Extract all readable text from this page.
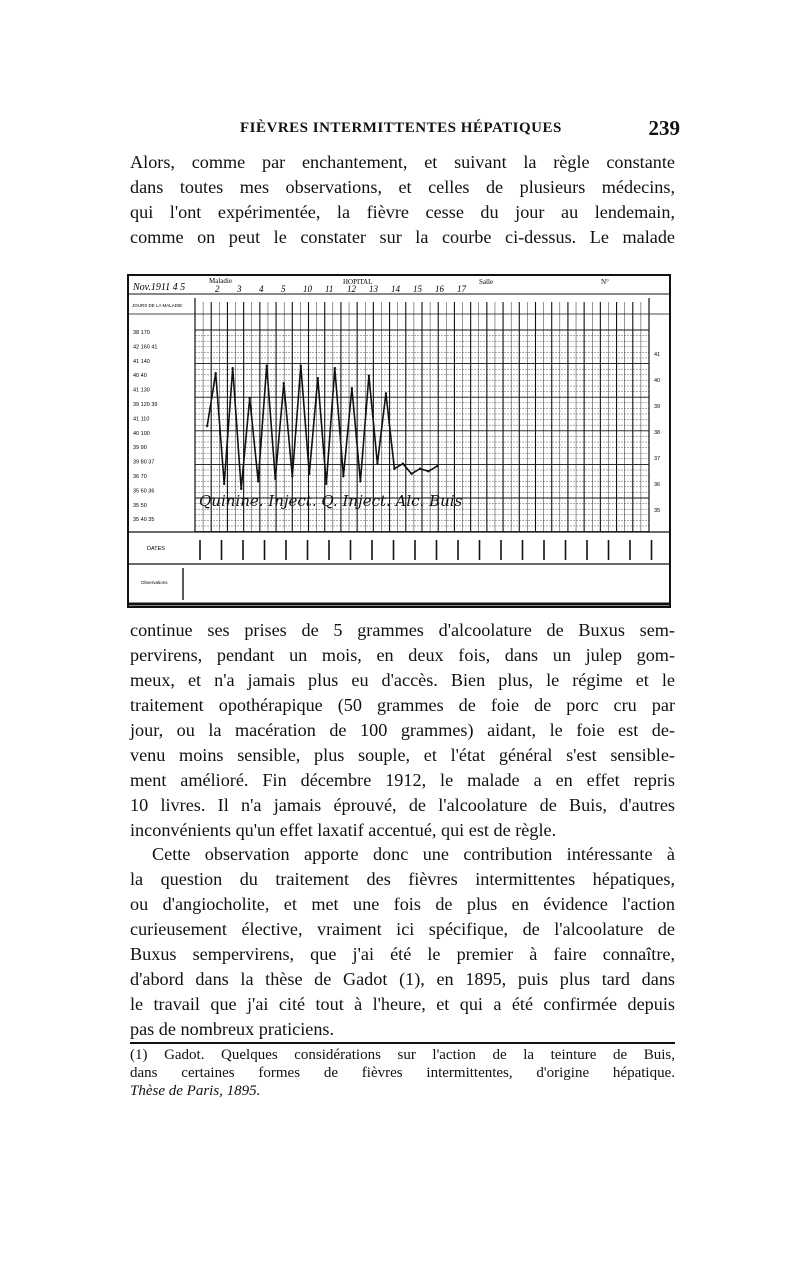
FIÈVRES INTERMITTENTES HÉPATIQUES	239
Alors, comme par enchantement, et suivant la règle constante
dans toutes mes observations, et celles de plusieurs médecins,
qui l'ont expérimentée, la fièvre cesse du jour au lendemain,
comme on peut le constater sur la courbe ci-dessus. Le malade
Nov.1911 4 5
Maladie	HOPITAL	Salle	N°
2 3 4 5 10 11 12 13 14 15 16 17
JOURS DE LA MALADIE
38 170
42 160 41
41 140
40 40
41 130
39 120 39
41 110
40 100
39 90
39 80 37
36 70
35 60 36
35 50
35 40 35
41
40
39
38
37
36
35
Quinine. Inject. Q. Inject. Alc. Buis
DATES
Observations
continue ses prises de 5 grammes d'alcoolature de Buxus sem-
pervirens, pendant un mois, en deux fois, dans un julep gom-
meux, et n'a jamais plus eu d'accès. Bien plus, le régime et le
traitement opothérapique (50 grammes de foie de porc cru par
jour, ou la macération de 100 grammes) aidant, le foie est de-
venu moins sensible, plus souple, et l'état général s'est sensible-
ment amélioré. Fin décembre 1912, le malade a en effet repris
10 livres. Il n'a jamais éprouvé, de l'alcoolature de Buis, d'autres
inconvénients qu'un effet laxatif accentué, qui est de règle.
Cette observation apporte donc une contribution intéressante à
la question du traitement des fièvres intermittentes hépatiques,
ou d'angiocholite, et met une fois de plus en évidence l'action
curieusement élective, vraiment ici spécifique, de l'alcoolature de
Buxus sempervirens, que j'ai été le premier à faire connaître,
d'abord dans la thèse de Gadot (1), en 1895, puis plus tard dans
le travail que j'ai cité tout à l'heure, et qui a été confirmée depuis
pas de nombreux praticiens.
(1) Gadot. Quelques considérations sur l'action de la teinture de Buis,
dans certaines formes de fièvres intermittentes, d'origine hépatique.
Thèse de Paris, 1895.
